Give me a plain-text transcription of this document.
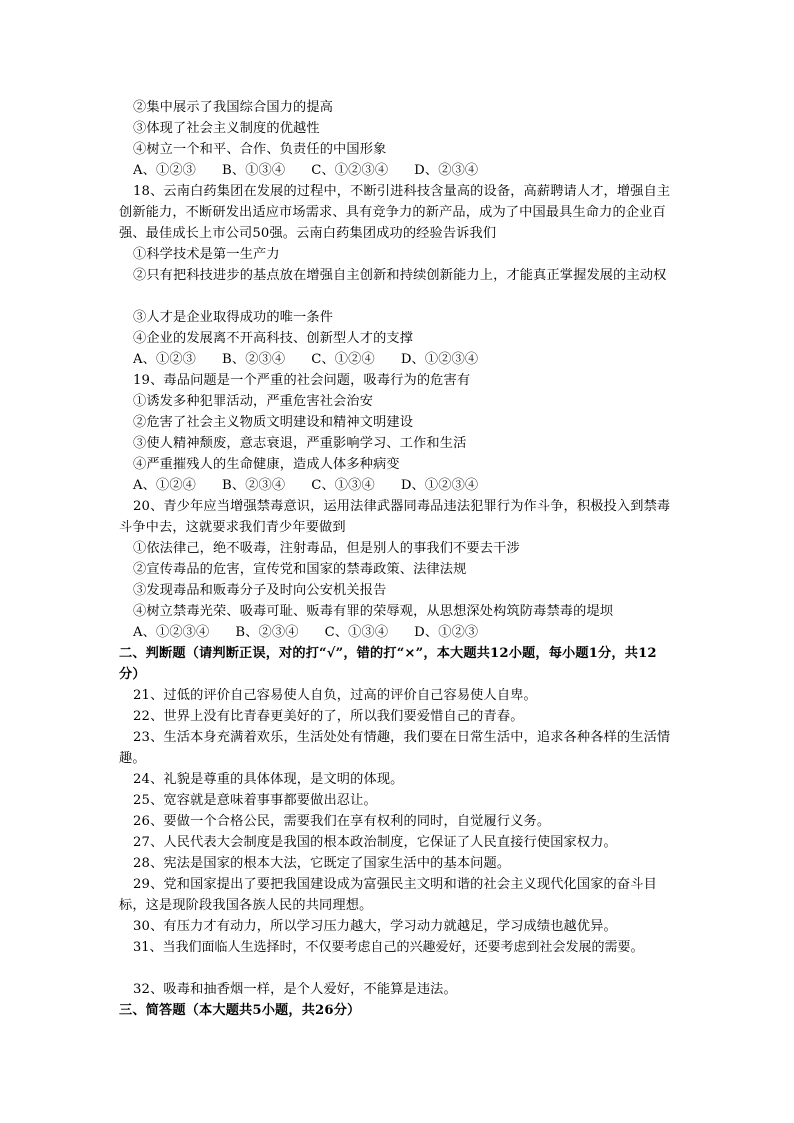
②集中展示了我国综合国力的提高
③体现了社会主义制度的优越性
④树立一个和平、合作、负责任的中国形象
A、①②③ B、①③④ C、①②③④ D、②③④
18、云南白药集团在发展的过程中，不断引进科技含量高的设备，高薪聘请人才，增强自主创新能力，不断研发出适应市场需求、具有竞争力的新产品，成为了中国最具生命力的企业百强、最佳成长上市公司50强。云南白药集团成功的经验告诉我们
①科学技术是第一生产力
②只有把科技进步的基点放在增强自主创新和持续创新能力上，才能真正掌握发展的主动权
③人才是企业取得成功的唯一条件
④企业的发展离不开高科技、创新型人才的支撑
A、①②③ B、②③④ C、①②④ D、①②③④
19、毒品问题是一个严重的社会问题，吸毒行为的危害有
①诱发多种犯罪活动，严重危害社会治安
②危害了社会主义物质文明建设和精神文明建设
③使人精神颓废，意志衰退，严重影响学习、工作和生活
④严重摧残人的生命健康，造成人体多种病变
A、①②④ B、②③④ C、①③④ D、①②③④
20、青少年应当增强禁毒意识，运用法律武器同毒品违法犯罪行为作斗争，积极投入到禁毒斗争中去，这就要求我们青少年要做到
①依法律己，绝不吸毒，注射毒品，但是别人的事我们不要去干涉
②宣传毒品的危害，宣传党和国家的禁毒政策、法律法规
③发现毒品和贩毒分子及时向公安机关报告
④树立禁毒光荣、吸毒可耻、贩毒有罪的荣辱观，从思想深处构筑防毒禁毒的堤坝
A、①②③④ B、②③④ C、①③④ D、①②③
二、判断题（请判断正误，对的打“√”，错的打“×”，本大题共12小题，每小题1分，共12分）
21、过低的评价自己容易使人自负，过高的评价自己容易使人自卑。
22、世界上没有比青春更美好的了，所以我们要爱惜自己的青春。
23、生活本身充满着欢乐，生活处处有情趣，我们要在日常生活中，追求各种各样的生活情趣。
24、礼貌是尊重的具体体现，是文明的体现。
25、宽容就是意味着事事都要做出忍让。
26、要做一个合格公民，需要我们在享有权利的同时，自觉履行义务。
27、人民代表大会制度是我国的根本政治制度，它保证了人民直接行使国家权力。
28、宪法是国家的根本大法，它既定了国家生活中的基本问题。
29、党和国家提出了要把我国建设成为富强民主文明和谐的社会主义现代化国家的奋斗目标，这是现阶段我国各族人民的共同理想。
30、有压力才有动力，所以学习压力越大，学习动力就越足，学习成绩也越优异。
31、当我们面临人生选择时，不仅要考虑自己的兴趣爱好，还要考虑到社会发展的需要。
32、吸毒和抽香烟一样，是个人爱好，不能算是违法。
三、简答题（本大题共5小题，共26分）
